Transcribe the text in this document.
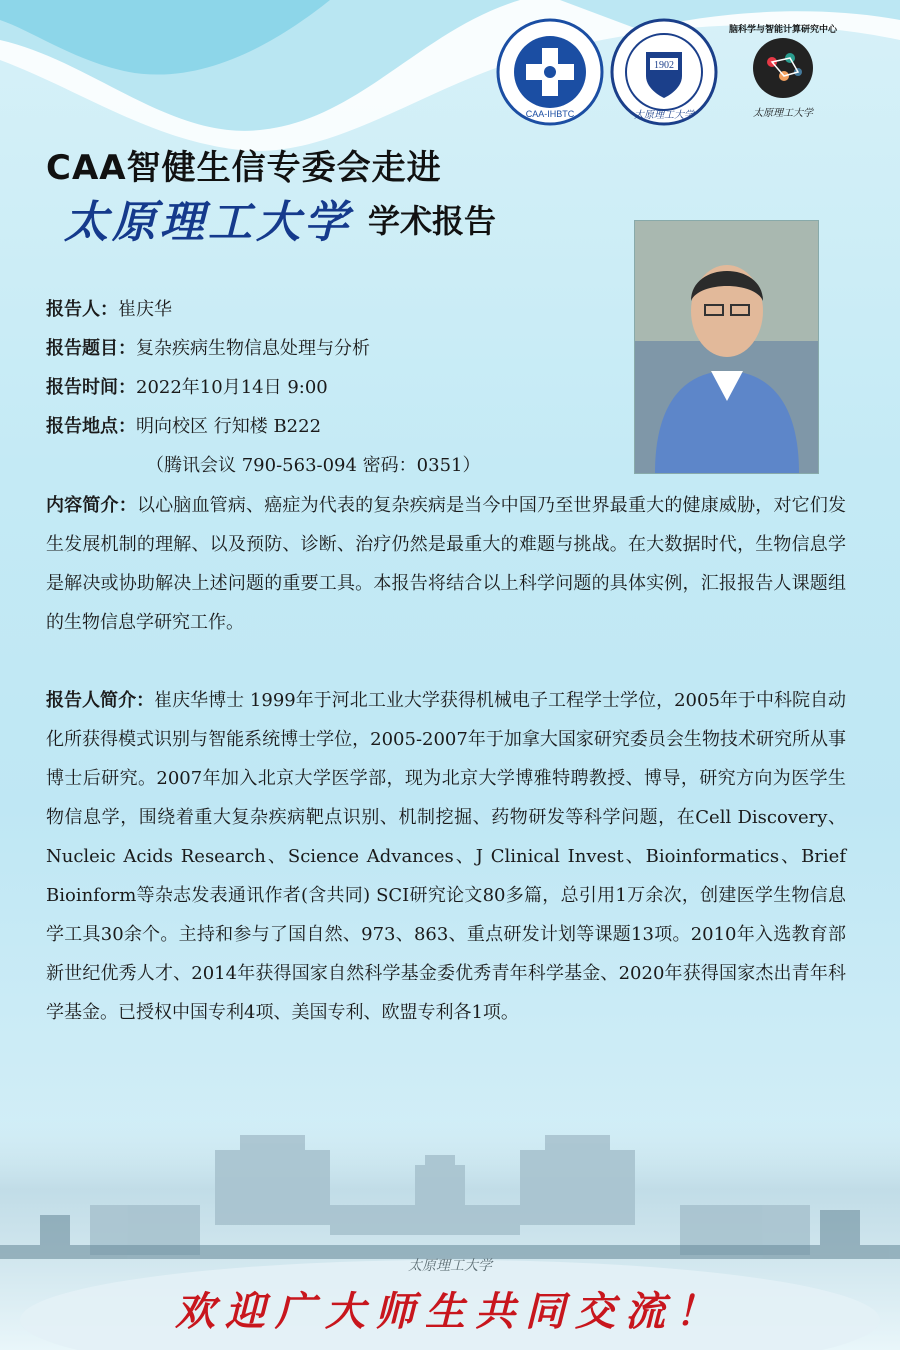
CAA-IHBTC
1902
太原理工大学
脑科学与智能计算研究中心
太原理工大学
CAA智健生信专委会走进
太原理工大学 学术报告
报告人：崔庆华
报告题目：复杂疾病生物信息处理与分析
报告时间：2022年10月14日 9:00
报告地点：明向校区 行知楼 B222
（腾讯会议 790-563-094 密码：0351）
内容简介：以心脑血管病、癌症为代表的复杂疾病是当今中国乃至世界最重大的健康威胁，对它们发生发展机制的理解、以及预防、诊断、治疗仍然是最重大的难题与挑战。在大数据时代，生物信息学是解决或协助解决上述问题的重要工具。本报告将结合以上科学问题的具体实例，汇报报告人课题组的生物信息学研究工作。
报告人简介：崔庆华博士 1999年于河北工业大学获得机械电子工程学士学位，2005年于中科院自动化所获得模式识别与智能系统博士学位，2005-2007年于加拿大国家研究委员会生物技术研究所从事博士后研究。2007年加入北京大学医学部，现为北京大学博雅特聘教授、博导，研究方向为医学生物信息学，围绕着重大复杂疾病靶点识别、机制挖掘、药物研发等科学问题，在Cell Discovery、Nucleic Acids Research、Science Advances、J Clinical Invest、Bioinformatics、Brief Bioinform等杂志发表通讯作者(含共同) SCI研究论文80多篇，总引用1万余次，创建医学生物信息学工具30余个。主持和参与了国自然、973、863、重点研发计划等课题13项。2010年入选教育部新世纪优秀人才、2014年获得国家自然科学基金委优秀青年科学基金、2020年获得国家杰出青年科学基金。已授权中国专利4项、美国专利、欧盟专利各1项。
太原理工大学
欢迎广大师生共同交流！
